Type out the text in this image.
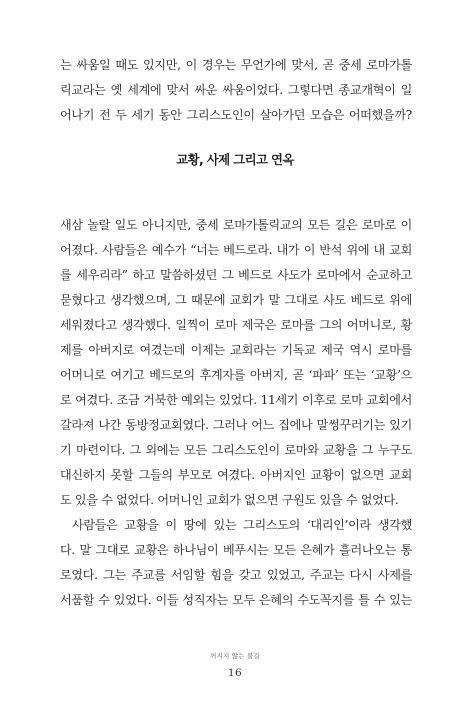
는 싸움일 때도 있지만, 이 경우는 무언가에 맞서, 곧 중세 로마가톨
릭교라는 옛 세계에 맞서 싸운 싸움이었다. 그렇다면 종교개혁이 일
어나기 전 두 세기 동안 그리스도인이 살아가던 모습은 어떠했을까?
교황, 사제 그리고 연옥
새삼 놀랄 일도 아니지만, 중세 로마가톨릭교의 모든 길은 로마로 이
어졌다. 사람들은 예수가 “너는 베드로라. 내가 이 반석 위에 내 교회
를 세우리라” 하고 말씀하셨던 그 베드로 사도가 로마에서 순교하고
묻혔다고 생각했으며, 그 때문에 교회가 말 그대로 사도 베드로 위에
세워졌다고 생각했다. 일찍이 로마 제국은 로마를 그의 어머니로, 황
제를 아버지로 여겼는데 이제는 교회라는 기독교 제국 역시 로마를
어머니로 여기고 베드로의 후계자를 아버지, 곧 ‘파파’ 또는 ‘교황’으
로 여겼다. 조금 거북한 예외는 있었다. 11세기 이후로 로마 교회에서
갈라져 나간 동방정교회였다. 그러나 어느 집에나 말썽꾸러기는 있기
기 마련이다. 그 외에는 모든 그리스도인이 로마와 교황을 그 누구도
대신하지 못할 그들의 부모로 여겼다. 아버지인 교황이 없으면 교회
도 있을 수 없었다. 어머니인 교회가 없으면 구원도 있을 수 없었다.
사람들은 교황을 이 땅에 있는 그리스도의 ‘대리인’이라 생각했
다. 말 그대로 교황은 하나님이 베푸시는 모든 은혜가 흘러나오는 통
로였다. 그는 주교를 서임할 힘을 갖고 있었고, 주교는 다시 사제를
서품할 수 있었다. 이들 성직자는 모두 은혜의 수도꼭지를 틀 수 있는
꺼지지 않는 불길
16
